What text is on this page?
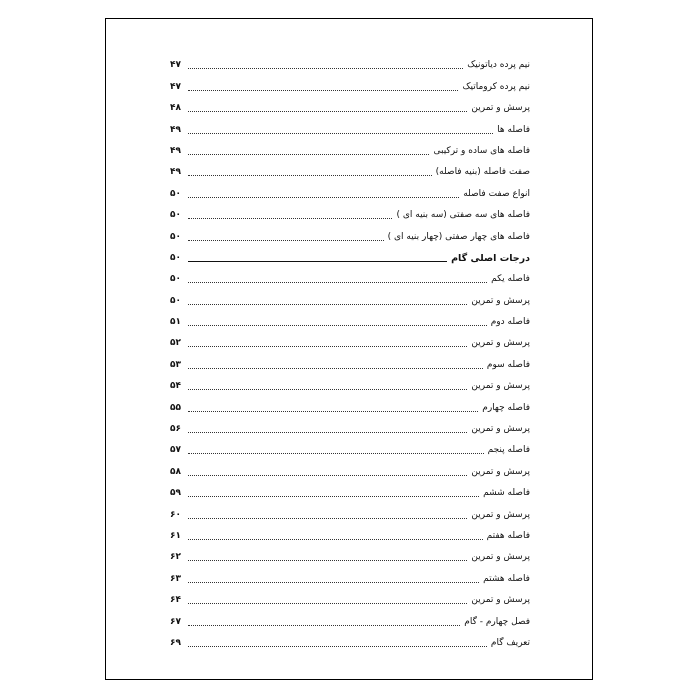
نیم پرده دیاتونیک
۴۷
نیم پرده کروماتیک
۴۷
پرسش و تمرین
۴۸
فاصله ها
۴۹
فاصله های ساده و ترکیبی
۴۹
صفت فاصله (بنیه فاصله)
۴۹
انواع صفت فاصله
۵۰
فاصله های سه صفتی (سه بنیه ای )
۵۰
فاصله های چهار صفتی (چهار بنیه ای )
۵۰
درجات اصلی گام
۵۰
فاصله یکم
۵۰
پرسش و تمرین
۵۰
فاصله دوم
۵۱
پرسش و تمرین
۵۲
فاصله سوم
۵۳
پرسش و تمرین
۵۴
فاصله چهارم
۵۵
پرسش و تمرین
۵۶
فاصله پنجم
۵۷
پرسش و تمرین
۵۸
فاصله ششم
۵۹
پرسش و تمرین
۶۰
فاصله هفتم
۶۱
پرسش و تمرین
۶۲
فاصله هشتم
۶۳
پرسش و تمرین
۶۴
فصل چهارم - گام
۶۷
تعریف گام
۶۹
